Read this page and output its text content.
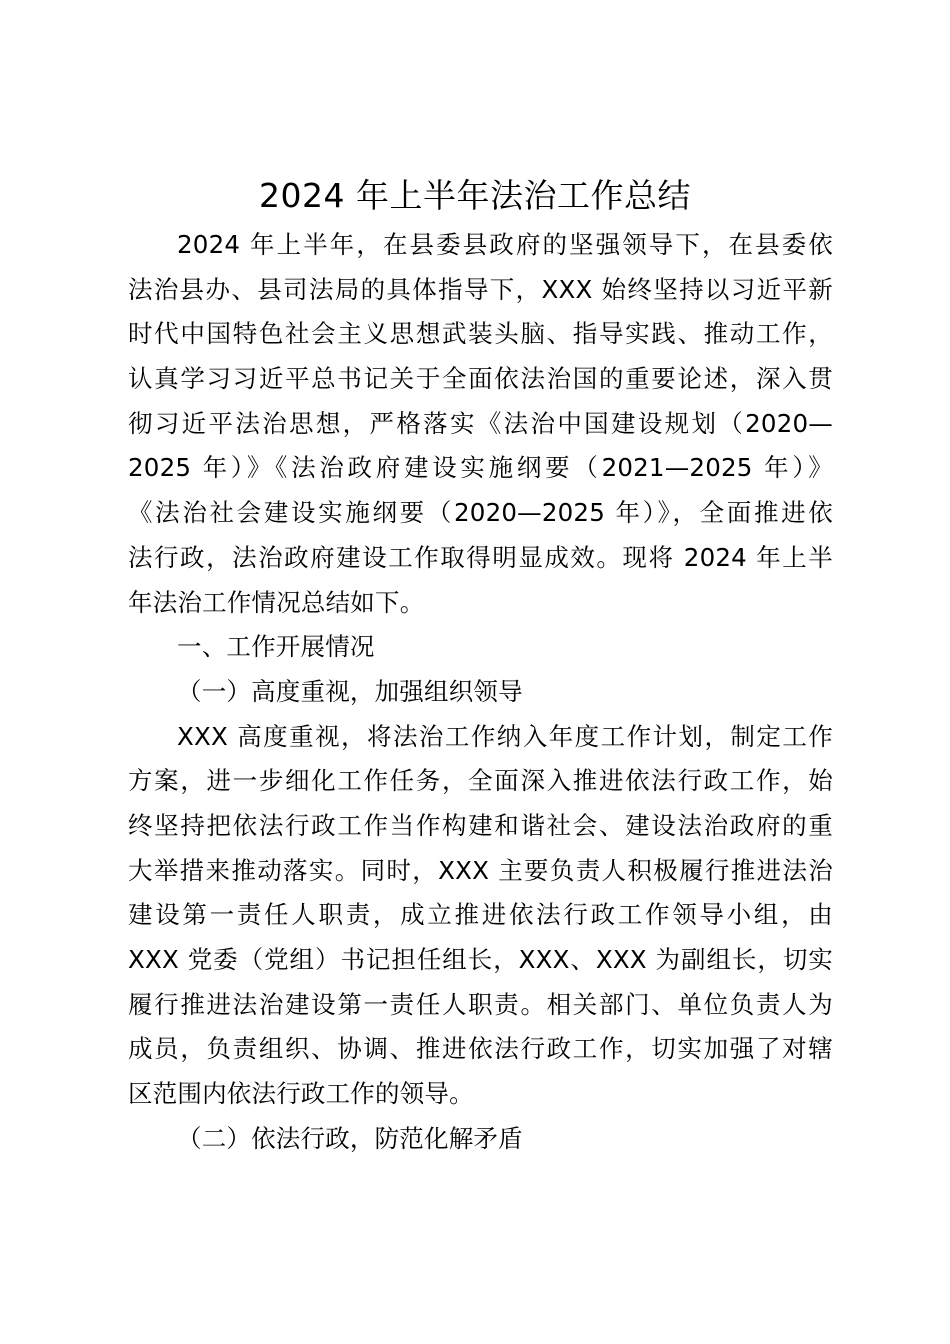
2024 年上半年法治工作总结
2024 年上半年，在县委县政府的坚强领导下，在县委依
法治县办、县司法局的具体指导下，XXX 始终坚持以习近平新
时代中国特色社会主义思想武装头脑、指导实践、推动工作，
认真学习习近平总书记关于全面依法治国的重要论述，深入贯
彻习近平法治思想，严格落实《法治中国建设规划（2020—
2025 年）》《法治政府建设实施纲要（2021—2025 年）》
《法治社会建设实施纲要（2020—2025 年）》，全面推进依
法行政，法治政府建设工作取得明显成效。现将 2024 年上半
年法治工作情况总结如下。
一、工作开展情况
（一）高度重视，加强组织领导
XXX 高度重视，将法治工作纳入年度工作计划，制定工作
方案，进一步细化工作任务，全面深入推进依法行政工作，始
终坚持把依法行政工作当作构建和谐社会、建设法治政府的重
大举措来推动落实。同时，XXX 主要负责人积极履行推进法治
建设第一责任人职责，成立推进依法行政工作领导小组，由
XXX 党委（党组）书记担任组长，XXX、XXX 为副组长，切实
履行推进法治建设第一责任人职责。相关部门、单位负责人为
成员，负责组织、协调、推进依法行政工作，切实加强了对辖
区范围内依法行政工作的领导。
（二）依法行政，防范化解矛盾
